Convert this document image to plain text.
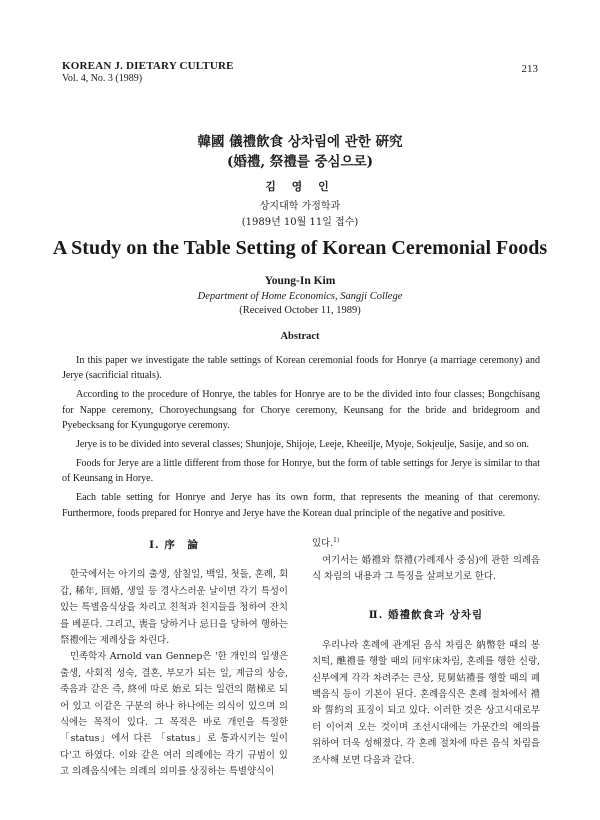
KOREAN J. DIETARY CULTURE
Vol. 4, No. 3 (1989)
213
韓國 儀禮飮食 상차림에 관한 硏究
(婚禮, 祭禮를 중심으로)
김 영 인
상지대학 가정학과
(1989년 10월 11일 접수)
A Study on the Table Setting of Korean Ceremonial Foods
Young-In Kim
Department of Home Economics, Sangji College
(Received October 11, 1989)
Abstract

In this paper we investigate the table settings of Korean ceremonial foods for Honrye (a marriage ceremony) and Jerye (sacrificial rituals).

According to the procedure of Honrye, the tables for Honrye are to be the divided into four classes; Bongchisang for Nappe ceremony, Choroyechungsang for Chorye ceremony, Keunsang for the bride and bridegroom and Pyebecksang for Kyungugorye ceremony.

Jerye is to be divided into several classes; Shunjoje, Shijoje, Leeje, Kheeilje, Myoje, Sokjeulje, Sasije, and so on.

Foods for Jerye are a little different from those for Honrye, but the form of table settings for Jerye is similar to that of Keunsang in Horye.

Each table setting for Honrye and Jerye has its own form, that represents the meaning of that ceremony. Furthermore, foods prepared for Honrye and Jerye have the Korean dual principle of the negative and positive.

Ⅰ. 序　論

한국에서는 아기의 출생, 삼칠일, 백일, 첫돌, 혼례, 회갑, 稀年, 回婚, 생일 등 경사스러운 날이면 각기 특성이 있는 특별음식상을 차리고 친척과 친지들을 청하여 잔치를 베푼다. 그리고, 喪을 당하거나 忌日을 당하여 행하는 祭禮에는 제례상을 차린다.

민족학자 Arnold van Gennep은 '한 개인의 일생은 출생, 사회적 성숙, 결혼, 부모가 되는 일, 계급의 상승, 죽음과 같은 즉, 終에 따로 始로 되는 일련의 階梯로 되어 있고 이같은 구분의 하나 하나에는 의식이 있으며 의식에는 목적이 있다. 그 목적은 바로 개인을 특정한 「status」에서 다른 「status」로 통과시키는 일이다'고 하였다. 이와 같은 여러 의례에는 각기 규범이 있고 의례음식에는 의례의 의미를 상징하는 특별양식이

있다.$^{1)}$

여기서는 婚禮와 祭禮(가례제사 중심)에 관한 의례음식 차림의 내용과 그 특징을 살펴보기로 한다.

Ⅱ. 婚禮飮食과 상차림

우리나라 혼례에 관계된 음식 차림은 納幣한 때의 봉치떡, 醮禮를 행할 때의 同牢床차림, 혼례를 행한 신랑, 신부에게 각각 차려주는 큰상, 見舅姑禮를 행할 때의 폐백음식 등이 기본이 된다. 혼례음식은 혼례 절차에서 禮와 誓約의 표징이 되고 있다. 이러한 것은 상고시대로부터 이어져 오는 것이며 조선시대에는 가문간의 예의를 위하여 더욱 성해졌다. 각 혼례 절차에 따른 음식 차림을 조사해 보면 다음과 같다.
